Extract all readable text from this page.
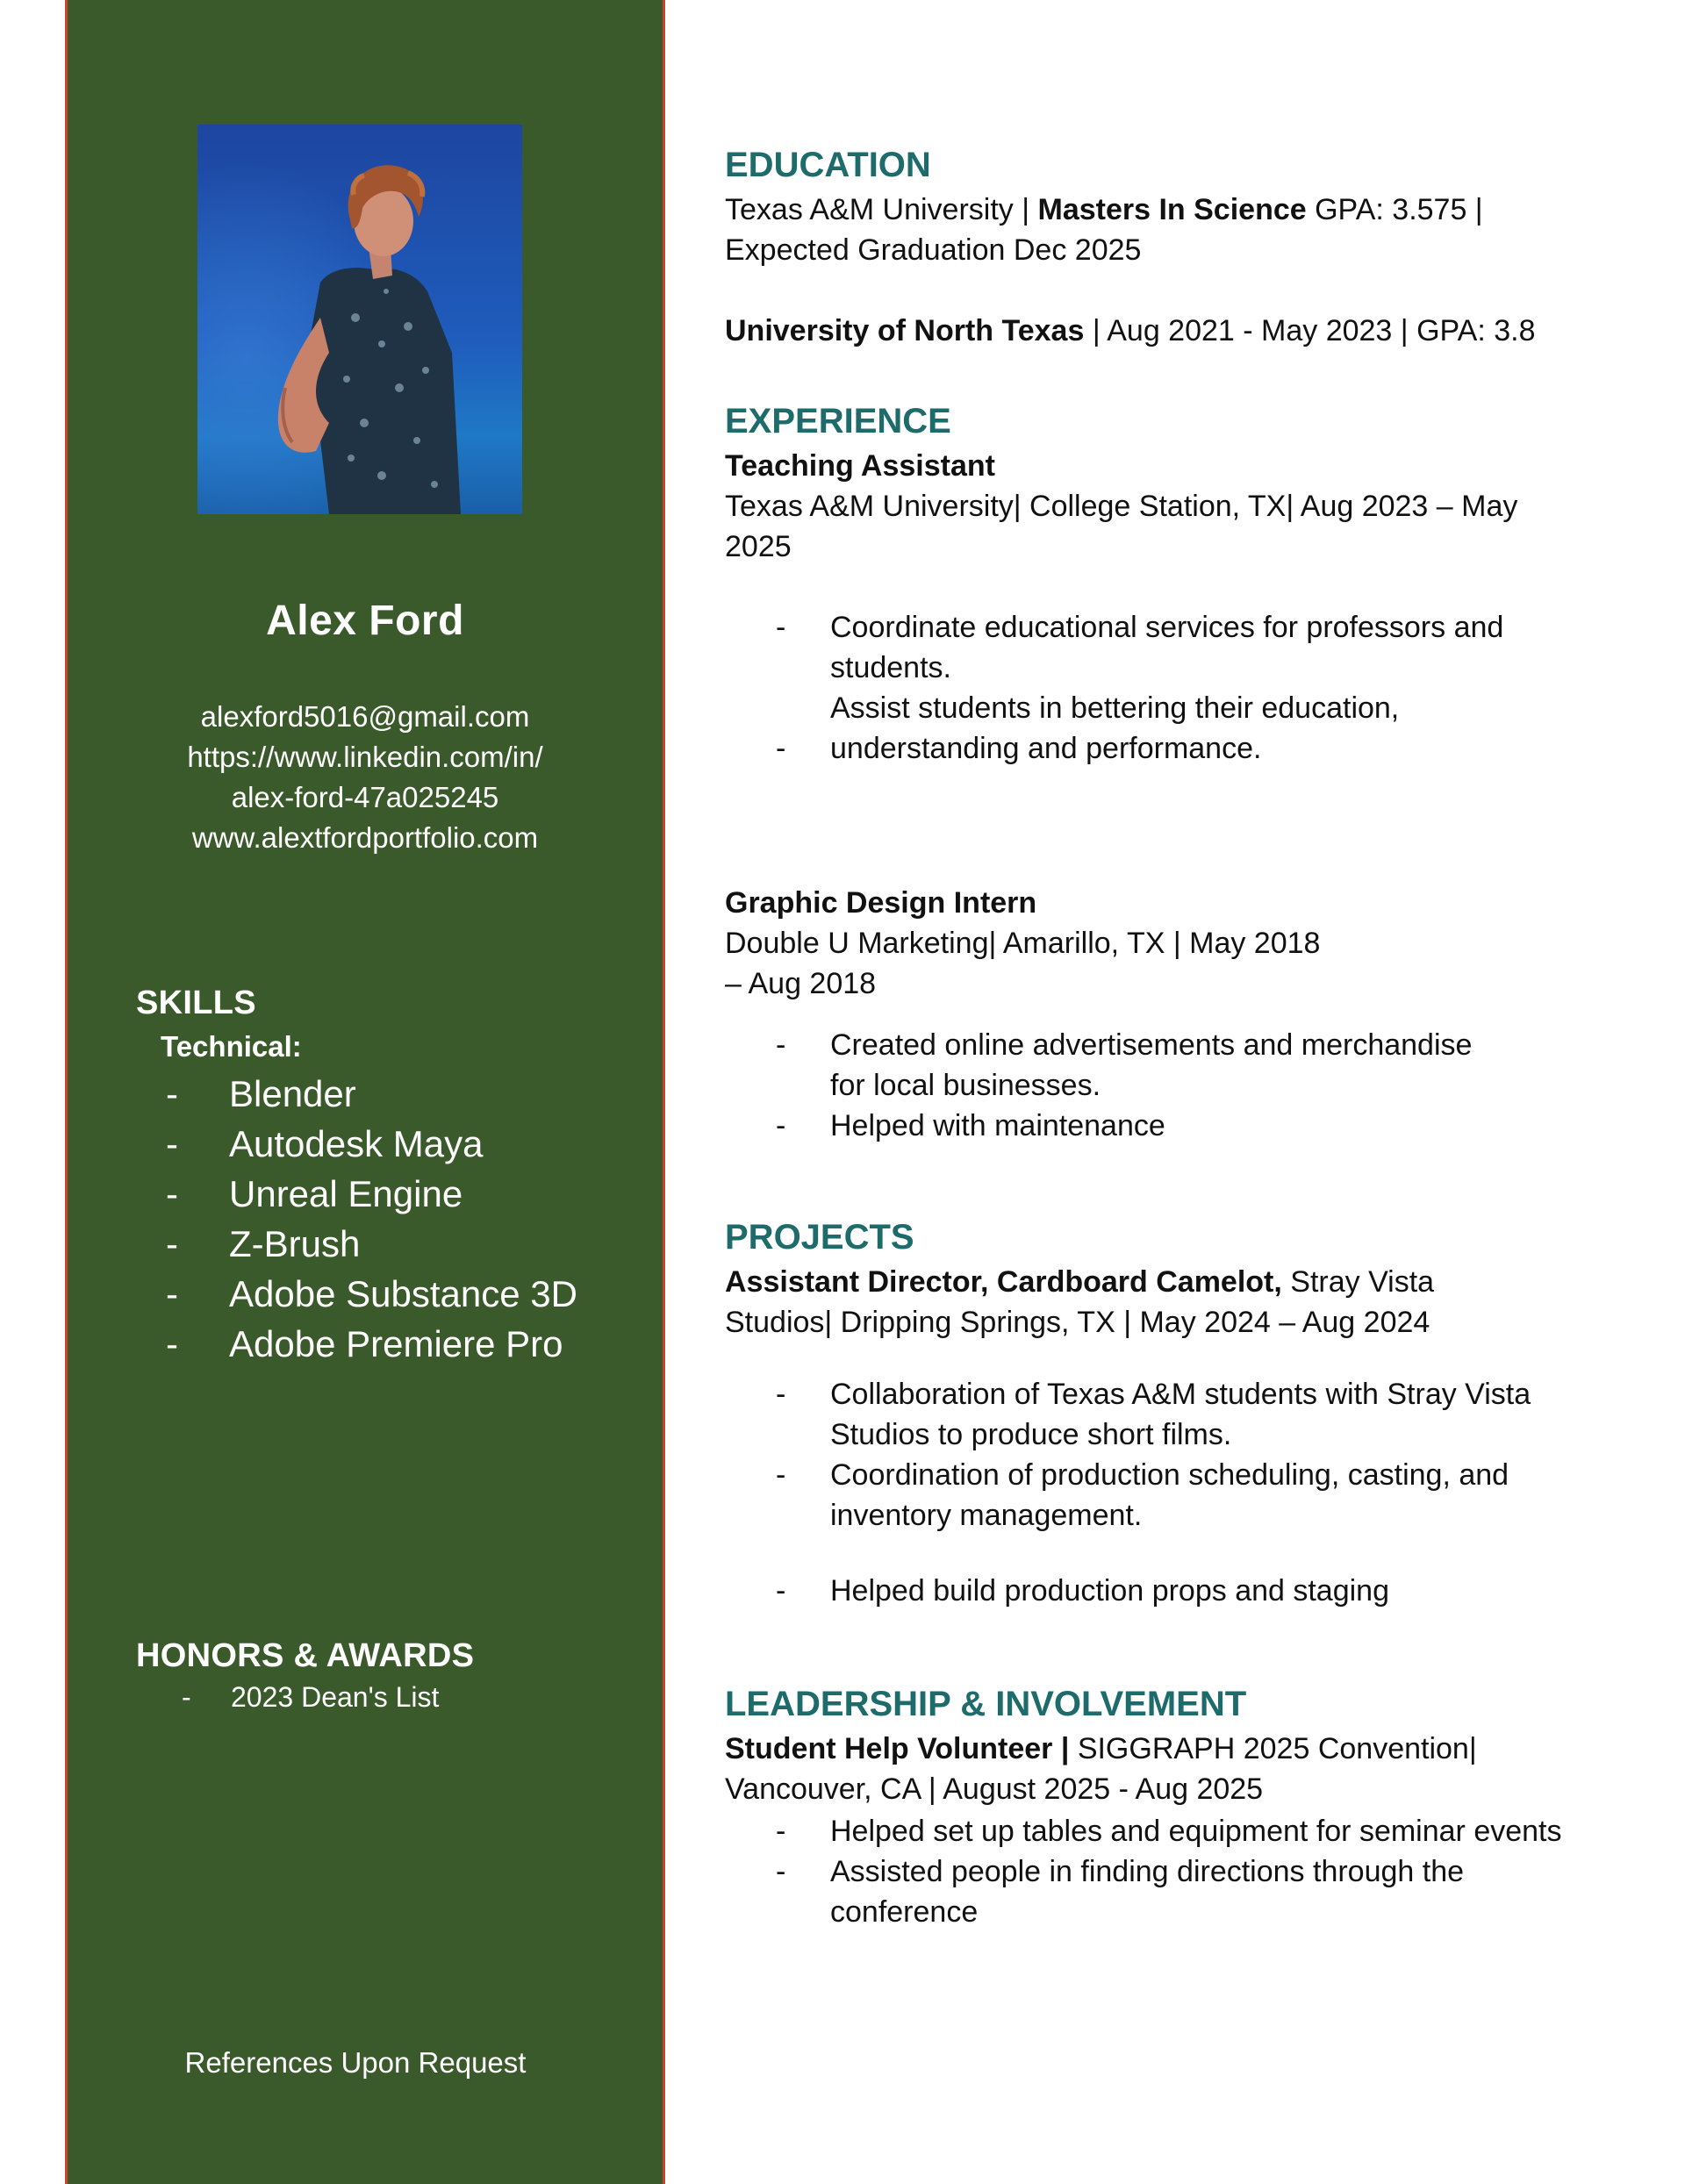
Alex Ford
alexford5016@gmail.com
https://www.linkedin.com/in/
alex-ford-47a025245
www.alextfordportfolio.com
SKILLS
Technical:
- Blender
- Autodesk Maya
- Unreal Engine
- Z-Brush
- Adobe Substance 3D
- Adobe Premiere Pro
HONORS & AWARDS
- 2023 Dean's List
References Upon Request
EDUCATION
Texas A&M University | Masters In Science GPA: 3.575 |
Expected Graduation Dec 2025
University of North Texas | Aug 2021 - May 2023 | GPA: 3.8
EXPERIENCE
Teaching Assistant
Texas A&M University| College Station, TX| Aug 2023 – May
2025
-	Coordinate educational services for professors and
students.
Assist students in bettering their education,
-	understanding and performance.
Graphic Design Intern
Double U Marketing| Amarillo, TX | May 2018
– Aug 2018
-	Created online advertisements and merchandise
for local businesses.
-	Helped with maintenance
PROJECTS
Assistant Director, Cardboard Camelot, Stray Vista
Studios| Dripping Springs, TX | May 2024 – Aug 2024
-	Collaboration of Texas A&M students with Stray Vista
Studios to produce short films.
-	Coordination of production scheduling, casting, and
inventory management.
-	Helped build production props and staging
LEADERSHIP & INVOLVEMENT
Student Help Volunteer | SIGGRAPH 2025 Convention|
Vancouver, CA | August 2025 - Aug 2025
-	Helped set up tables and equipment for seminar events
-	Assisted people in finding directions through the
conference
